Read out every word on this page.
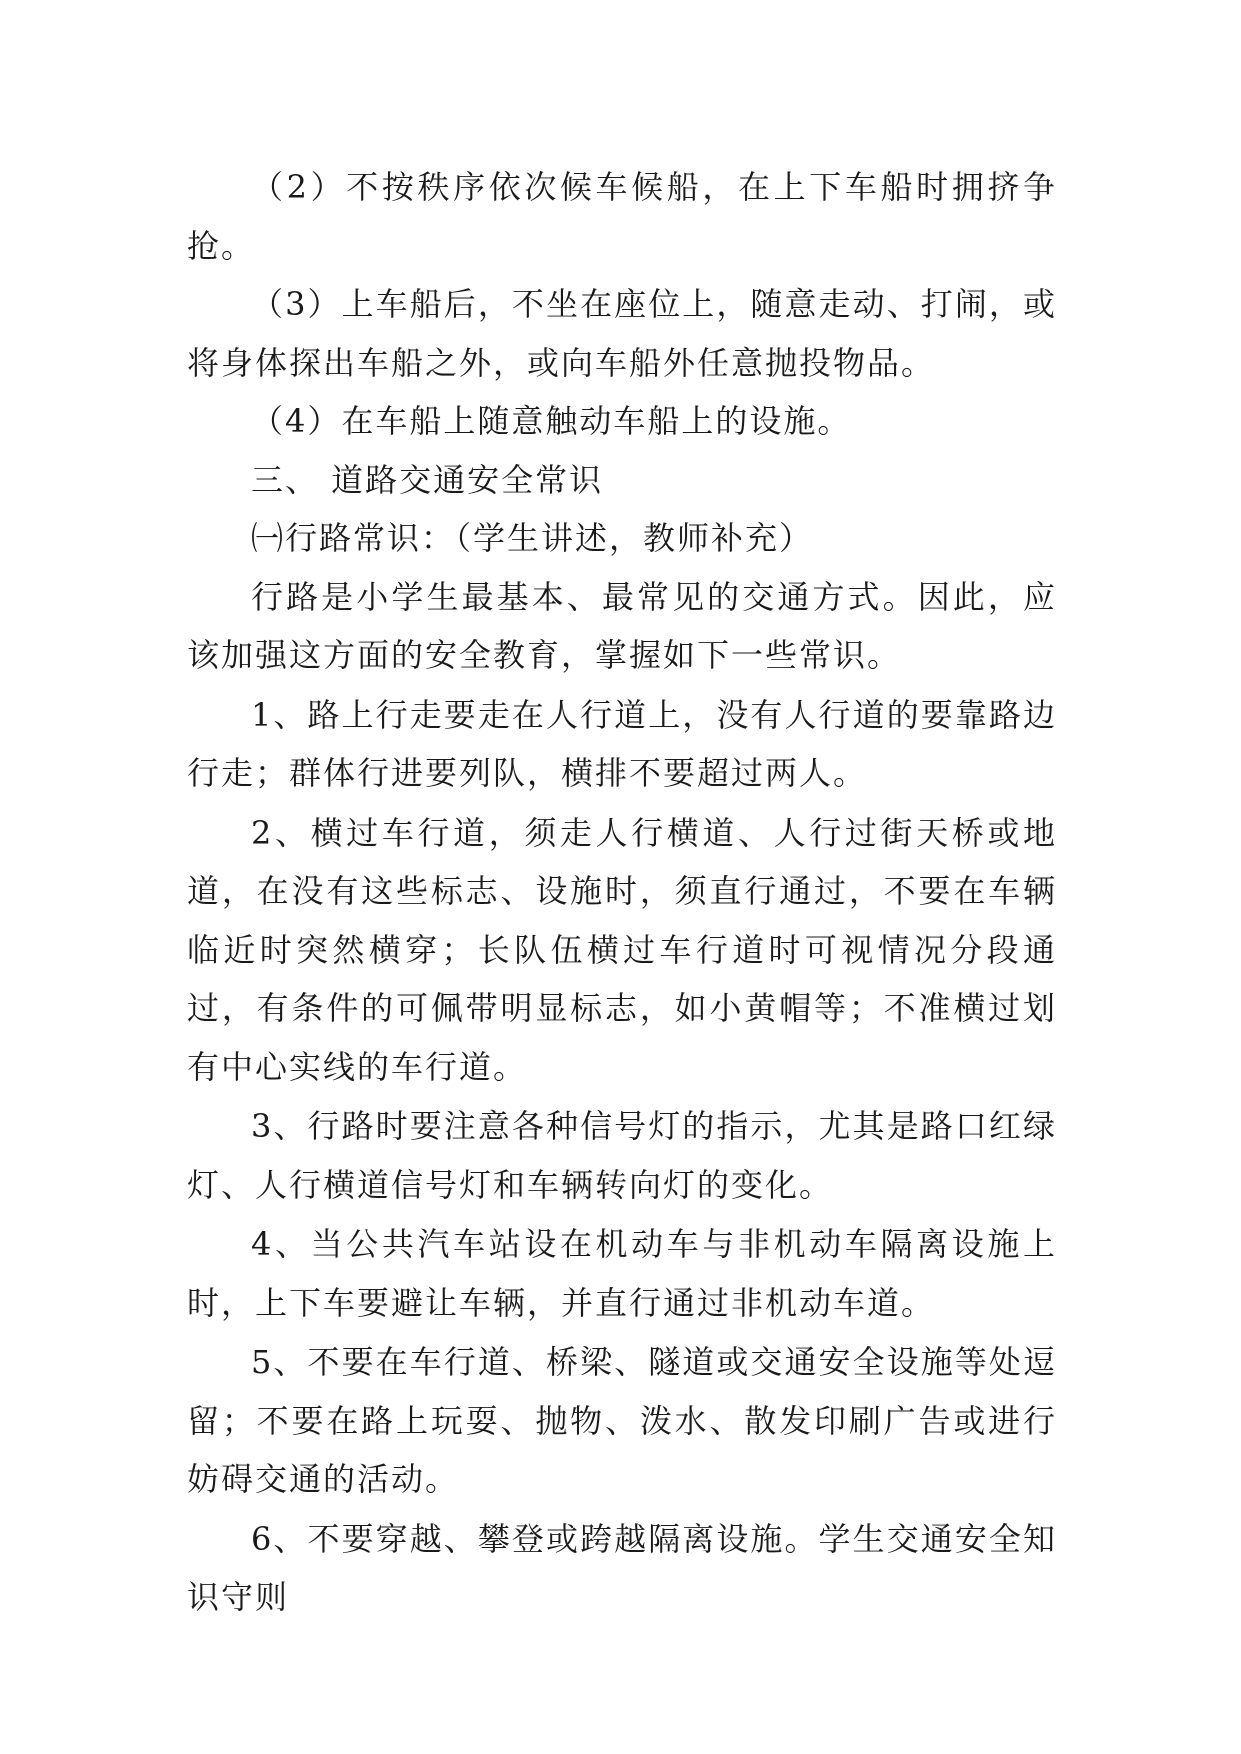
（2）不按秩序依次候车候船，在上下车船时拥挤争抢。

（3）上车船后，不坐在座位上，随意走动、打闹，或将身体探出车船之外，或向车船外任意抛投物品。

（4）在车船上随意触动车船上的设施。

三、 道路交通安全常识

㈠行路常识：（学生讲述，教师补充）

行路是小学生最基本、最常见的交通方式。因此，应该加强这方面的安全教育，掌握如下一些常识。

1、路上行走要走在人行道上，没有人行道的要靠路边行走；群体行进要列队，横排不要超过两人。

2、横过车行道，须走人行横道、人行过街天桥或地道，在没有这些标志、设施时，须直行通过，不要在车辆临近时突然横穿；长队伍横过车行道时可视情况分段通过，有条件的可佩带明显标志，如小黄帽等；不准横过划有中心实线的车行道。

3、行路时要注意各种信号灯的指示，尤其是路口红绿灯、人行横道信号灯和车辆转向灯的变化。

4、当公共汽车站设在机动车与非机动车隔离设施上时，上下车要避让车辆，并直行通过非机动车道。

5、不要在车行道、桥梁、隧道或交通安全设施等处逗留；不要在路上玩耍、抛物、泼水、散发印刷广告或进行妨碍交通的活动。

6、不要穿越、攀登或跨越隔离设施。学生交通安全知识守则
